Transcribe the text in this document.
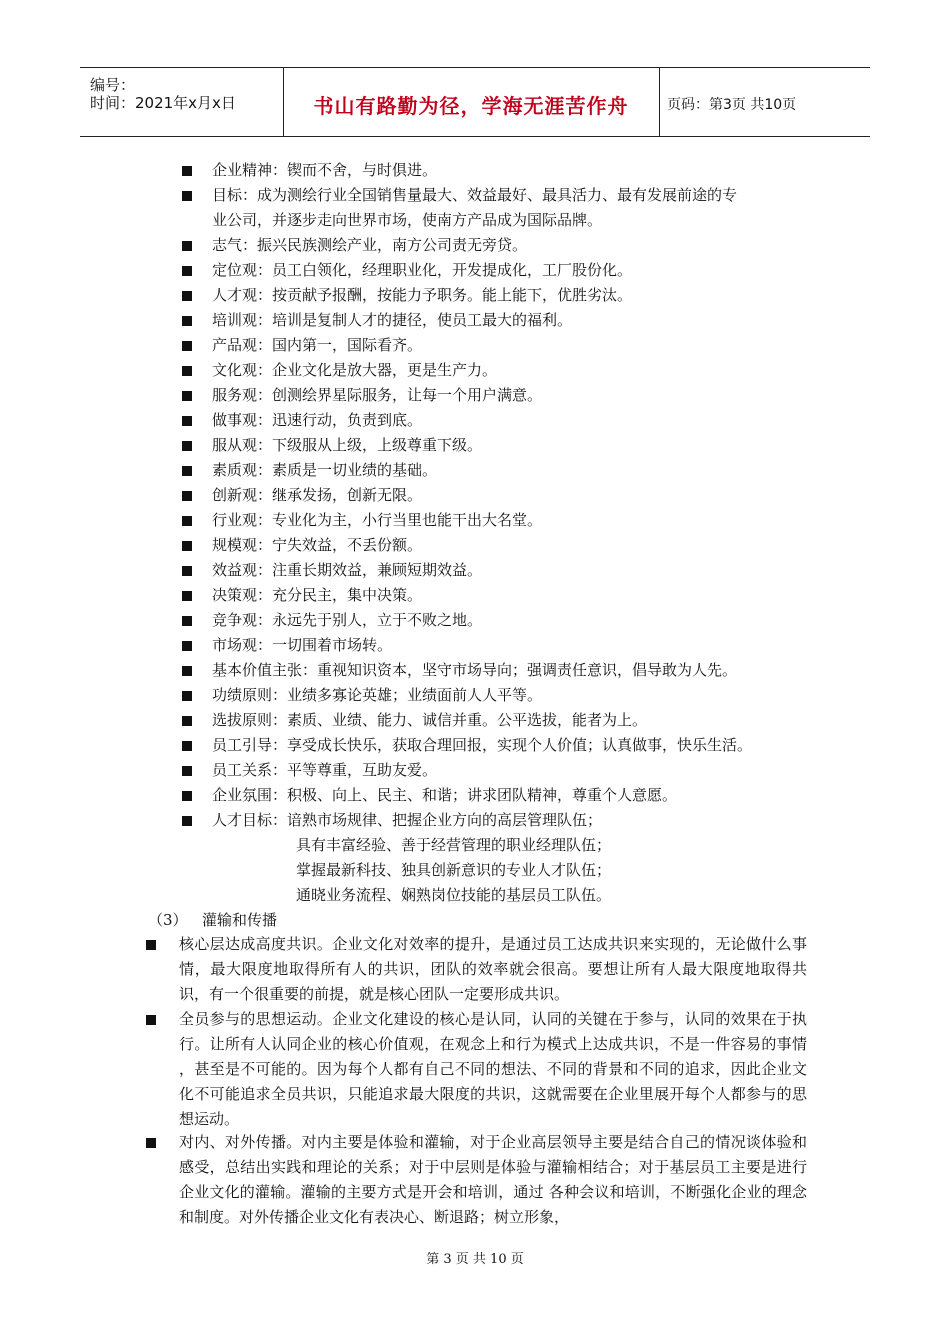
编号：
时间：2021年x月x日	书山有路勤为径，学海无涯苦作舟	页码：第3页 共10页
企业精神：锲而不舍，与时俱进。
目标：成为测绘行业全国销售量最大、效益最好、最具活力、最有发展前途的专
业公司，并逐步走向世界市场，使南方产品成为国际品牌。
志气：振兴民族测绘产业，南方公司责无旁贷。
定位观：员工白领化，经理职业化，开发提成化，工厂股份化。
人才观：按贡献予报酬，按能力予职务。能上能下，优胜劣汰。
培训观：培训是复制人才的捷径，使员工最大的福利。
产品观：国内第一，国际看齐。
文化观：企业文化是放大器，更是生产力。
服务观：创测绘界星际服务，让每一个用户满意。
做事观：迅速行动，负责到底。
服从观：下级服从上级，上级尊重下级。
素质观：素质是一切业绩的基础。
创新观：继承发扬，创新无限。
行业观：专业化为主，小行当里也能干出大名堂。
规模观：宁失效益，不丢份额。
效益观：注重长期效益，兼顾短期效益。
决策观：充分民主，集中决策。
竞争观：永远先于别人，立于不败之地。
市场观：一切围着市场转。
基本价值主张：重视知识资本，坚守市场导向；强调责任意识，倡导敢为人先。
功绩原则：业绩多寡论英雄；业绩面前人人平等。
选拔原则：素质、业绩、能力、诚信并重。公平选拔，能者为上。
员工引导：享受成长快乐，获取合理回报，实现个人价值；认真做事，快乐生活。
员工关系：平等尊重，互助友爱。
企业氛围：积极、向上、民主、和谐；讲求团队精神，尊重个人意愿。
人才目标：谙熟市场规律、把握企业方向的高层管理队伍；
具有丰富经验、善于经营管理的职业经理队伍；
掌握最新科技、独具创新意识的专业人才队伍；
通晓业务流程、娴熟岗位技能的基层员工队伍。
（3） 灌输和传播
核心层达成高度共识。企业文化对效率的提升，是通过员工达成共识来实现的，无论做什么事情，最大限度地取得所有人的共识，团队的效率就会很高。要想让所有人最大限度地取得共识，有一个很重要的前提，就是核心团队一定要形成共识。
全员参与的思想运动。企业文化建设的核心是认同，认同的关键在于参与，认同的效果在于执行。让所有人认同企业的核心价值观，在观念上和行为模式上达成共识，不是一件容易的事情 ，甚至是不可能的。因为每个人都有自己不同的想法、不同的背景和不同的追求，因此企业文化不可能追求全员共识，只能追求最大限度的共识，这就需要在企业里展开每个人都参与的思想运动。
对内、对外传播。对内主要是体验和灌输，对于企业高层领导主要是结合自己的情况谈体验和感受，总结出实践和理论的关系；对于中层则是体验与灌输相结合；对于基层员工主要是进行企业文化的灌输。灌输的主要方式是开会和培训，通过 各种会议和培训，不断强化企业的理念和制度。对外传播企业文化有表决心、断退路；树立形象，
第 3 页 共 10 页
